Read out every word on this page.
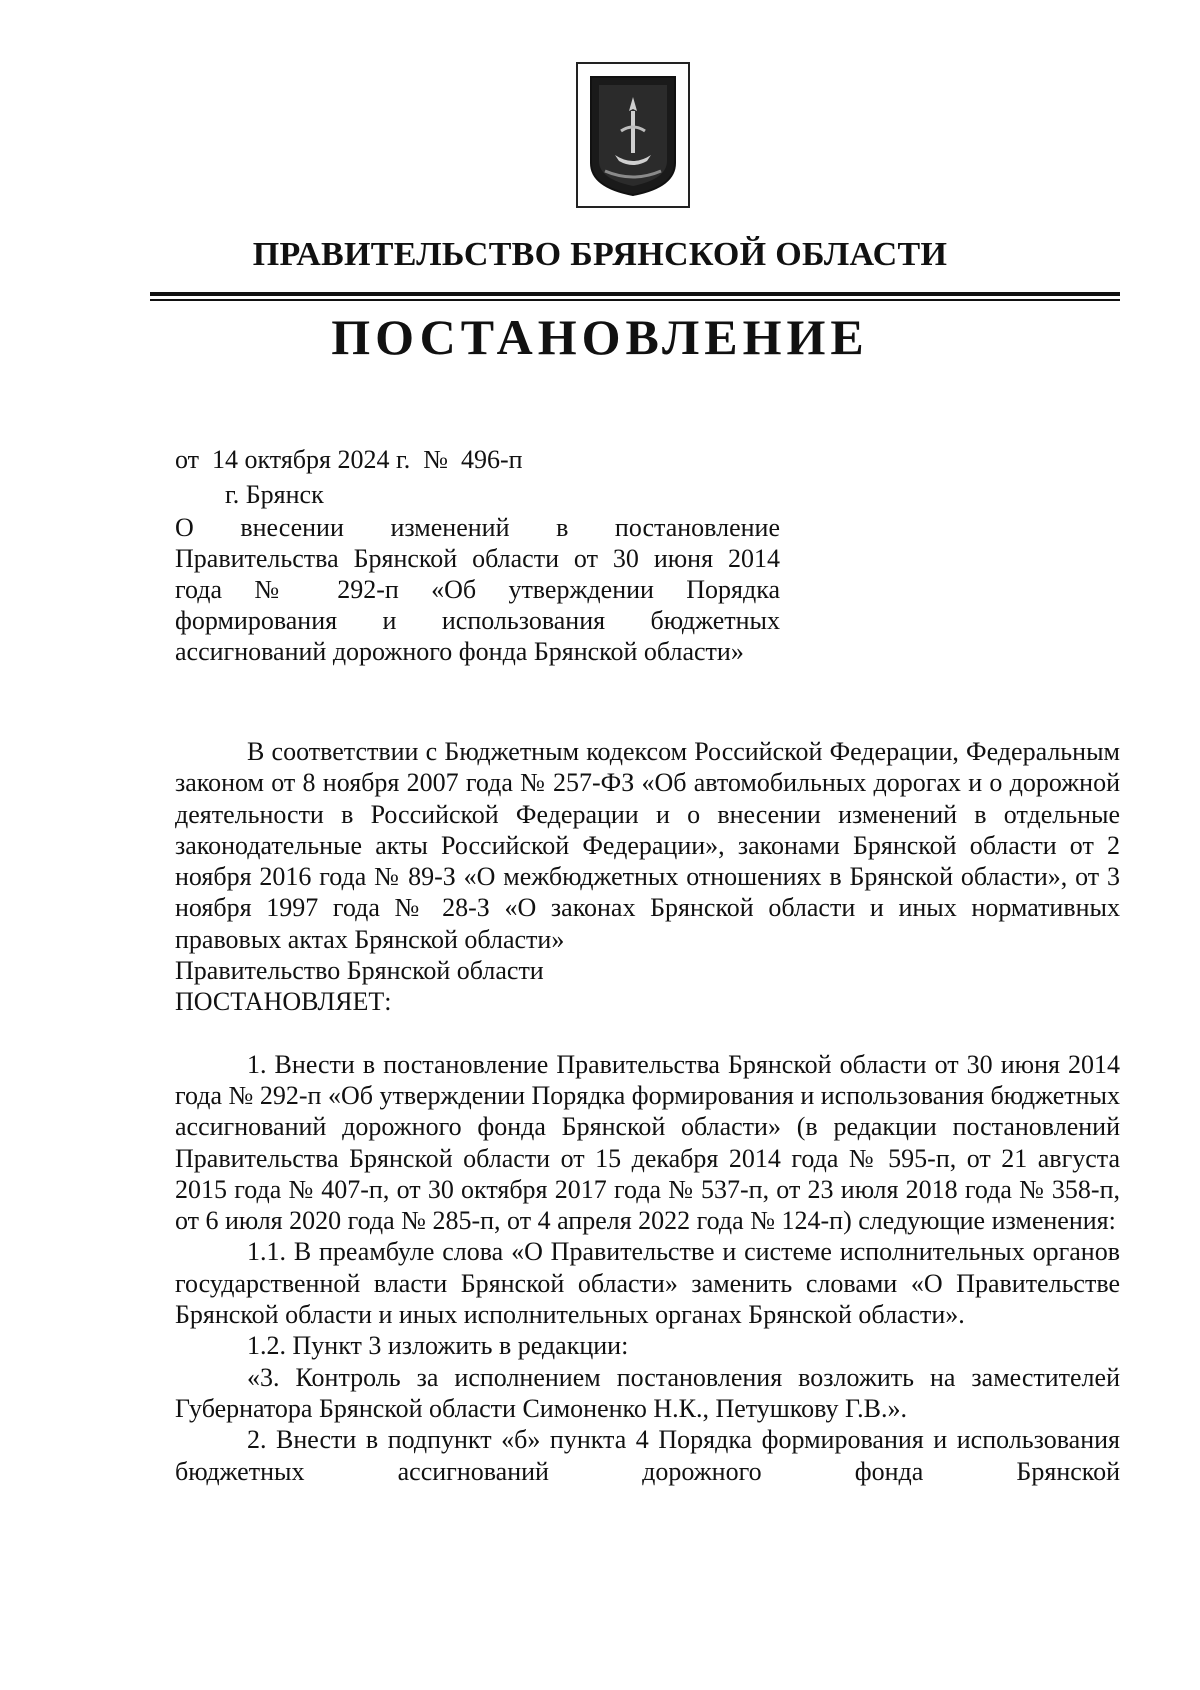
ПРАВИТЕЛЬСТВО БРЯНСКОЙ ОБЛАСТИ
ПОСТАНОВЛЕНИЕ
от  14 октября 2024 г.  №  496-п
г. Брянск
О внесении изменений в постановление Правительства Брянской области от 30 июня 2014 года № 292-п «Об утверждении Порядка формирования и использования бюджетных ассигнований дорожного фонда Брянской области»

В соответствии с Бюджетным кодексом Российской Федерации, Федеральным законом от 8 ноября 2007 года № 257-ФЗ «Об автомобильных дорогах и о дорожной деятельности в Российской Федерации и о внесении изменений в отдельные законодательные акты Российской Федерации», законами Брянской области от 2 ноября 2016 года № 89-З «О межбюджетных отношениях в Брянской области», от 3 ноября 1997 года № 28-З «О законах Брянской области и иных нормативных правовых актах Брянской области»

Правительство Брянской области

ПОСТАНОВЛЯЕТ:

1. Внести в постановление Правительства Брянской области от 30 июня 2014 года № 292-п «Об утверждении Порядка формирования и использования бюджетных ассигнований дорожного фонда Брянской области» (в редакции постановлений Правительства Брянской области от 15 декабря 2014 года № 595-п, от 21 августа 2015 года № 407-п, от 30 октября 2017 года № 537-п, от 23 июля 2018 года № 358-п, от 6 июля 2020 года № 285-п, от 4 апреля 2022 года № 124-п) следующие изменения:

1.1. В преамбуле слова «О Правительстве и системе исполнительных органов государственной власти Брянской области» заменить словами «О Правительстве Брянской области и иных исполнительных органах Брянской области».

1.2. Пункт 3 изложить в редакции:

«3. Контроль за исполнением постановления возложить на заместителей Губернатора Брянской области Симоненко Н.К., Петушкову Г.В.».

2. Внести в подпункт «б» пункта 4 Порядка формирования и использования бюджетных ассигнований дорожного фонда Брянской
